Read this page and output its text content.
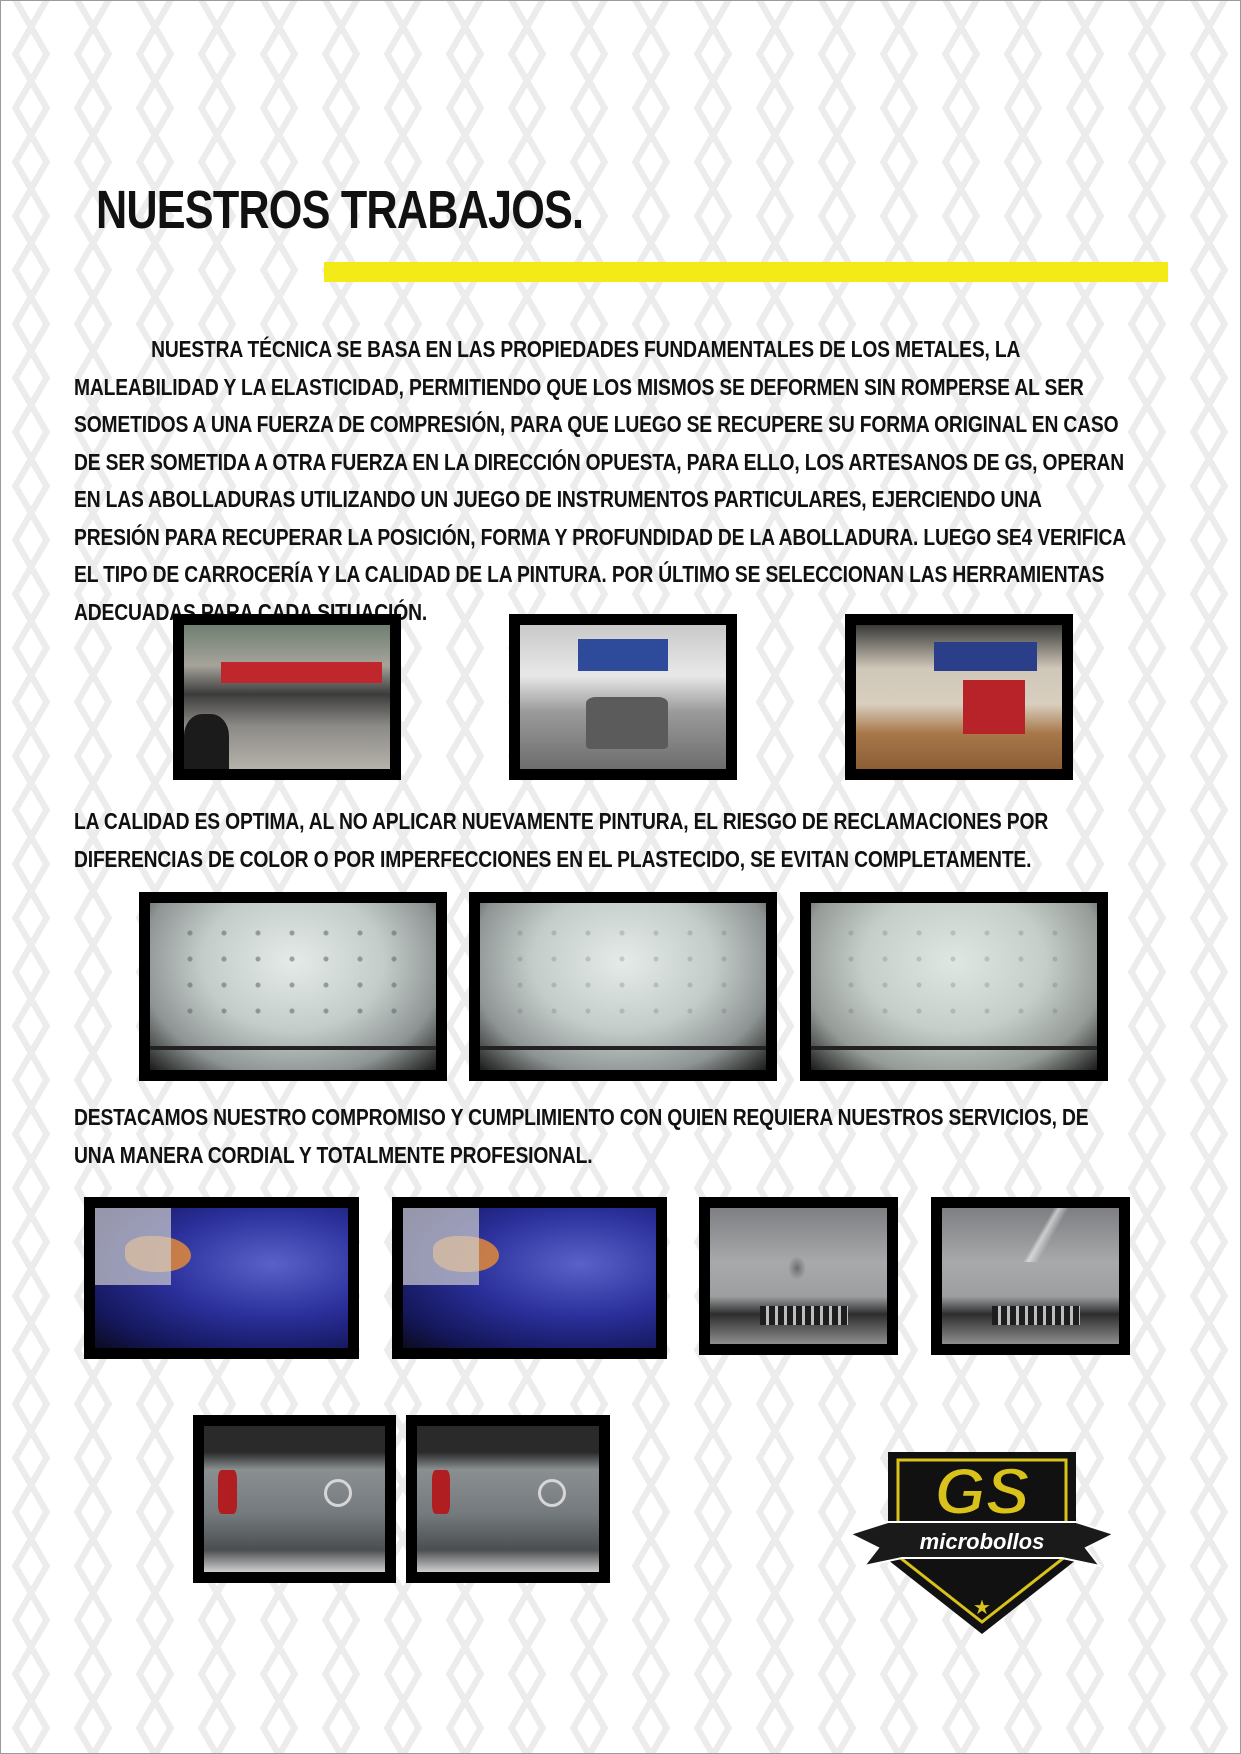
NUESTROS TRABAJOS.

NUESTRA TÉCNICA SE BASA EN LAS PROPIEDADES FUNDAMENTALES DE LOS METALES, LA MALEABILIDAD Y LA ELASTICIDAD, PERMITIENDO QUE LOS MISMOS SE DEFORMEN SIN ROMPERSE AL SER SOMETIDOS A UNA FUERZA DE COMPRESIÓN, PARA QUE LUEGO SE RECUPERE SU FORMA ORIGINAL EN CASO DE SER SOMETIDA A OTRA FUERZA EN LA DIRECCIÓN OPUESTA, PARA ELLO, LOS ARTESANOS DE GS, OPERAN EN LAS ABOLLADURAS UTILIZANDO UN JUEGO DE INSTRUMENTOS PARTICULARES, EJERCIENDO UNA PRESIÓN PARA RECUPERAR LA POSICIÓN, FORMA Y PROFUNDIDAD DE LA ABOLLADURA. LUEGO SE4 VERIFICA EL TIPO DE CARROCERÍA Y LA CALIDAD DE LA PINTURA. POR ÚLTIMO SE SELECCIONAN LAS HERRAMIENTAS ADECUADAS PARA CADA SITUACIÓN.

LA CALIDAD ES OPTIMA, AL NO APLICAR NUEVAMENTE PINTURA, EL RIESGO DE RECLAMACIONES POR DIFERENCIAS DE COLOR O POR IMPERFECCIONES EN EL PLASTECIDO, SE EVITAN COMPLETAMENTE.

DESTACAMOS NUESTRO COMPROMISO Y CUMPLIMIENTO CON QUIEN REQUIERA NUESTROS SERVICIOS, DE UNA MANERA CORDIAL Y TOTALMENTE PROFESIONAL.

GS
microbollos
★
